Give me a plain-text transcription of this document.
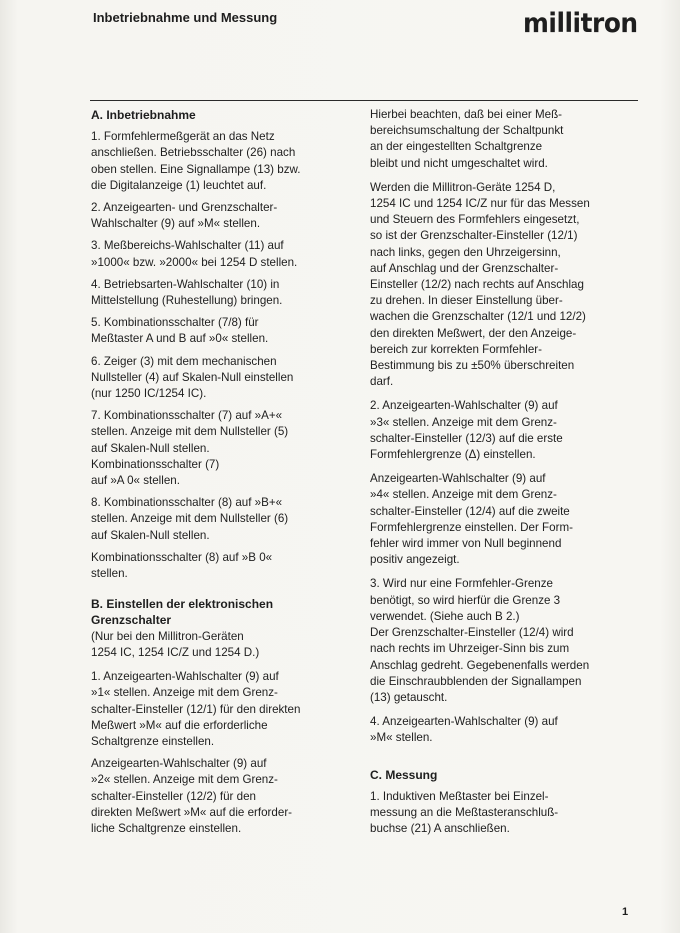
Inbetriebnahme und Messung	millitron
A. Inbetriebnahme

1. Formfehlermeßgerät an das Netz
anschließen. Betriebsschalter (26) nach
oben stellen. Eine Signallampe (13) bzw.
die Digitalanzeige (1) leuchtet auf.

2. Anzeigearten- und Grenzschalter-
Wahlschalter (9) auf »M« stellen.

3. Meßbereichs-Wahlschalter (11) auf
»1000« bzw. »2000« bei 1254 D stellen.

4. Betriebsarten-Wahlschalter (10) in
Mittelstellung (Ruhestellung) bringen.

5. Kombinationsschalter (7/8) für
Meßtaster A und B auf »0« stellen.

6. Zeiger (3) mit dem mechanischen
Nullsteller (4) auf Skalen-Null einstellen
(nur 1250 IC/1254 IC).

7. Kombinationsschalter (7) auf »A+«
stellen. Anzeige mit dem Nullsteller (5)
auf Skalen-Null stellen.
Kombinationsschalter (7)
auf »A 0« stellen.

8. Kombinationsschalter (8) auf »B+«
stellen. Anzeige mit dem Nullsteller (6)
auf Skalen-Null stellen.

Kombinationsschalter (8) auf »B 0«
stellen.

B. Einstellen der elektronischen
Grenzschalter

(Nur bei den Millitron-Geräten
1254 IC, 1254 IC/Z und 1254 D.)

1. Anzeigearten-Wahlschalter (9) auf
»1« stellen. Anzeige mit dem Grenz-
schalter-Einsteller (12/1) für den direkten
Meßwert »M« auf die erforderliche
Schaltgrenze einstellen.

Anzeigearten-Wahlschalter (9) auf
»2« stellen. Anzeige mit dem Grenz-
schalter-Einsteller (12/2) für den
direkten Meßwert »M« auf die erforder-
liche Schaltgrenze einstellen.

Hierbei beachten, daß bei einer Meß-
bereichsumschaltung der Schaltpunkt
an der eingestellten Schaltgrenze
bleibt und nicht umgeschaltet wird.

Werden die Millitron-Geräte 1254 D,
1254 IC und 1254 IC/Z nur für das Messen
und Steuern des Formfehlers eingesetzt,
so ist der Grenzschalter-Einsteller (12/1)
nach links, gegen den Uhrzeigersinn,
auf Anschlag und der Grenzschalter-
Einsteller (12/2) nach rechts auf Anschlag
zu drehen. In dieser Einstellung über-
wachen die Grenzschalter (12/1 und 12/2)
den direkten Meßwert, der den Anzeige-
bereich zur korrekten Formfehler-
Bestimmung bis zu ±50% überschreiten
darf.

2. Anzeigearten-Wahlschalter (9) auf
»3« stellen. Anzeige mit dem Grenz-
schalter-Einsteller (12/3) auf die erste
Formfehlergrenze (Δ) einstellen.

Anzeigearten-Wahlschalter (9) auf
»4« stellen. Anzeige mit dem Grenz-
schalter-Einsteller (12/4) auf die zweite
Formfehlergrenze einstellen. Der Form-
fehler wird immer von Null beginnend
positiv angezeigt.

3. Wird nur eine Formfehler-Grenze
benötigt, so wird hierfür die Grenze 3
verwendet. (Siehe auch B 2.)
Der Grenzschalter-Einsteller (12/4) wird
nach rechts im Uhrzeiger-Sinn bis zum
Anschlag gedreht. Gegebenenfalls werden
die Einschraubblenden der Signallampen
(13) getauscht.

4. Anzeigearten-Wahlschalter (9) auf
»M« stellen.

C. Messung

1. Induktiven Meßtaster bei Einzel-
messung an die Meßtasteranschluß-
buchse (21) A anschließen.

1
